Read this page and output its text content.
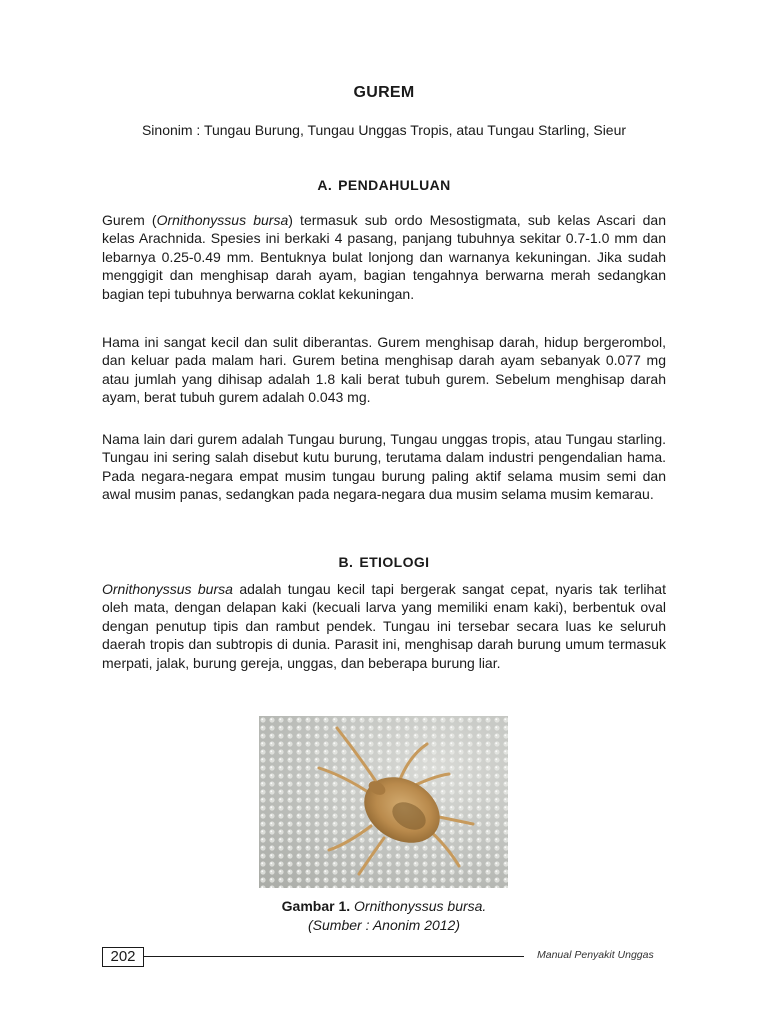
GUREM
Sinonim : Tungau Burung, Tungau Unggas Tropis, atau Tungau Starling, Sieur
A. PENDAHULUAN
Gurem (Ornithonyssus bursa) termasuk sub ordo Mesostigmata, sub kelas Ascari dan kelas Arachnida. Spesies ini berkaki 4 pasang, panjang tubuhnya sekitar 0.7-1.0 mm dan lebarnya 0.25-0.49 mm. Bentuknya bulat lonjong dan warnanya kekuningan. Jika sudah menggigit dan menghisap darah ayam, bagian tengahnya berwarna merah sedangkan bagian tepi tubuhnya berwarna coklat kekuningan.
Hama ini sangat kecil dan sulit diberantas. Gurem menghisap darah, hidup bergerombol, dan keluar pada malam hari. Gurem betina menghisap darah ayam sebanyak 0.077 mg atau jumlah yang dihisap adalah 1.8 kali berat tubuh gurem. Sebelum menghisap darah ayam, berat tubuh gurem adalah 0.043 mg.
Nama lain dari gurem adalah Tungau burung, Tungau unggas tropis, atau Tungau starling. Tungau ini sering salah disebut kutu burung, terutama dalam industri pengendalian hama. Pada negara-negara empat musim tungau burung paling aktif selama musim semi dan awal musim panas, sedangkan pada negara-negara dua musim selama musim kemarau.
B. ETIOLOGI
Ornithonyssus bursa adalah tungau kecil tapi bergerak sangat cepat, nyaris tak terlihat oleh mata, dengan delapan kaki (kecuali larva yang memiliki enam kaki), berbentuk oval dengan penutup tipis dan rambut pendek. Tungau ini tersebar secara luas ke seluruh daerah tropis dan subtropis di dunia. Parasit ini, menghisap darah burung umum termasuk merpati, jalak, burung gereja, unggas, dan beberapa burung liar.
Gambar 1. Ornithonyssus bursa.
(Sumber : Anonim 2012)
202	Manual Penyakit Unggas
